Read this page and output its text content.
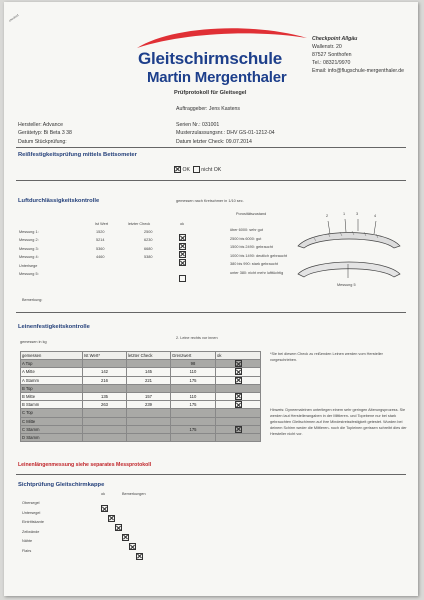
checked
Gleitschirmschule
Martin Mergenthaler
Checkpoint Allgäu
Wallenstr. 20
87527 Sonthofen
Tel.: 08321/9970
Email: info@flugschule-mergenthaler.de
Prüfprotokoll für Gleitsegel
Auftraggeber: Jens Kastens
Hersteller: Advance	Serien Nr.: 031001
Gerätetyp: Bi Beta 3 38	Musterzulassungsnr.: DHV GS-01-1212-04
Datum Stückprüfung:	Datum letzter Check: 09.07.2014
Reißfestigkeitsprüfung mittels Bettsometer
OK nicht OK
Luftdurchlässigkeitskontrolle	gemessen nach Kretschmer in 1/10 sec.
Ist Wert	letzter Check	ok
Messung 1:	1520	2500
Messung 2:	5214	6230
Messung 3:	5360	6680
Messung 4:	4460	5380
Unterlsege
Messung 5:
Porositätszustand
über 6000: sehr gut
2500 bis 6000: gut
1500 bis 2490: gebraucht
1000 bis 1490: deutlich gebraucht
380 bis 990: stark gebraucht
unter 380: nicht mehr lufttüchtig
2	1	3	4
Messung 5
Bemerkung:
Leinenfestigkeitskontrolle
gemessen in kg
2. Leine rechts vor innen
gemessen	Ist Wert*	letzter Check	Grenzwert	ok
A Top			98	
A Mitte	142	145	110	
A Stamm	216	221	175	
B Top				
B Mitte	135	157	110	
B Stamm	263	239	175	
C Top				
C Mitte				
C Stamm			175	
D Stamm				
*Sie bei diesem Check zu reißenden Leinen werden vom Hersteller vorgeschrieben.
Hinweis: Dyneemaleinen unterliegen einem sehr geringen Alterungsprozess. Sie werden laut Herstellerangaben in der Mittleren- und Topebene nur bei stark gebrauchten Gleitschirmen auf ihre Mindestreissfestigkeit getestet. Wurden bei deinem Schirm weder die Mittleren- noch die Topleinen gerissen schreibt dies der Hersteller nicht vor.
Leinenlängenmessung siehe separates Messprotokoll
Sichtprüfung Gleitschirmkappe
ok	Bemerkungen
Obersegel
Untersegel
Eintrittskante
Zellwände
Nähte
Flairs
